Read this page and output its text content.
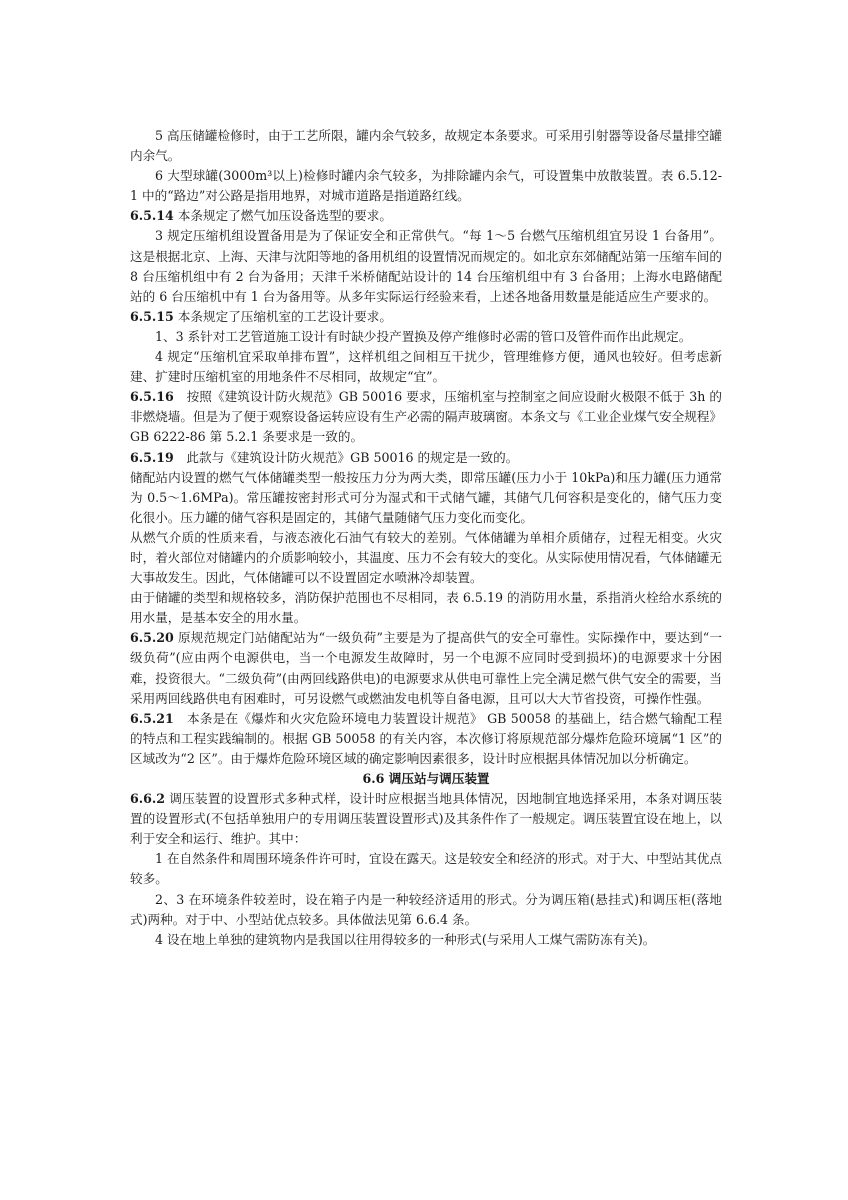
5 高压储罐检修时，由于工艺所限，罐内余气较多，故规定本条要求。可采用引射器等设备尽量排空罐内余气。

6 大型球罐(3000m³以上)检修时罐内余气较多，为排除罐内余气，可设置集中放散装置。表 6.5.12-1 中的“路边”对公路是指用地界，对城市道路是指道路红线。

6.5.14 本条规定了燃气加压设备选型的要求。

3 规定压缩机组设置备用是为了保证安全和正常供气。“每 1～5 台燃气压缩机组宜另设 1 台备用”。这是根据北京、上海、天津与沈阳等地的备用机组的设置情况而规定的。如北京东郊储配站第一压缩车间的 8 台压缩机组中有 2 台为备用；天津千米桥储配站设计的 14 台压缩机组中有 3 台备用；上海水电路储配站的 6 台压缩机中有 1 台为备用等。从多年实际运行经验来看，上述各地备用数量是能适应生产要求的。

6.5.15 本条规定了压缩机室的工艺设计要求。

1、3 系针对工艺管道施工设计有时缺少投产置换及停产维修时必需的管口及管件而作出此规定。

4 规定“压缩机宜采取单排布置”，这样机组之间相互干扰少，管理维修方便，通风也较好。但考虑新建、扩建时压缩机室的用地条件不尽相同，故规定“宜”。

6.5.16　按照《建筑设计防火规范》GB 50016 要求，压缩机室与控制室之间应设耐火极限不低于 3h 的非燃烧墙。但是为了便于观察设备运转应设有生产必需的隔声玻璃窗。本条文与《工业企业煤气安全规程》GB 6222-86 第 5.2.1 条要求是一致的。

6.5.19　此款与《建筑设计防火规范》GB 50016 的规定是一致的。

储配站内设置的燃气气体储罐类型一般按压力分为两大类，即常压罐(压力小于 10kPa)和压力罐(压力通常为 0.5～1.6MPa)。常压罐按密封形式可分为湿式和干式储气罐，其储气几何容积是变化的，储气压力变化很小。压力罐的储气容积是固定的，其储气量随储气压力变化而变化。

从燃气介质的性质来看，与液态液化石油气有较大的差别。气体储罐为单相介质储存，过程无相变。火灾时，着火部位对储罐内的介质影响较小，其温度、压力不会有较大的变化。从实际使用情况看，气体储罐无大事故发生。因此，气体储罐可以不设置固定水喷淋冷却装置。

由于储罐的类型和规格较多，消防保护范围也不尽相同，表 6.5.19 的消防用水量，系指消火栓给水系统的用水量，是基本安全的用水量。

6.5.20 原规范规定门站储配站为“一级负荷”主要是为了提高供气的安全可靠性。实际操作中，要达到“一级负荷”(应由两个电源供电，当一个电源发生故障时，另一个电源不应同时受到损坏)的电源要求十分困难，投资很大。“二级负荷”(由两回线路供电)的电源要求从供电可靠性上完全满足燃气供气安全的需要，当采用两回线路供电有困难时，可另设燃气或燃油发电机等自备电源，且可以大大节省投资，可操作性强。

6.5.21　本条是在《爆炸和火灾危险环境电力装置设计规范》 GB 50058 的基础上，结合燃气输配工程的特点和工程实践编制的。根据 GB 50058 的有关内容，本次修订将原规范部分爆炸危险环境属“1 区”的区域改为“2 区”。由于爆炸危险环境区域的确定影响因素很多，设计时应根据具体情况加以分析确定。

6.6 调压站与调压装置

6.6.2 调压装置的设置形式多种式样，设计时应根据当地具体情况，因地制宜地选择采用，本条对调压装置的设置形式(不包括单独用户的专用调压装置设置形式)及其条件作了一般规定。调压装置宜设在地上，以利于安全和运行、维护。其中：

1 在自然条件和周围环境条件许可时，宜设在露天。这是较安全和经济的形式。对于大、中型站其优点较多。

2、3 在环境条件较差时，设在箱子内是一种较经济适用的形式。分为调压箱(悬挂式)和调压柜(落地式)两种。对于中、小型站优点较多。具体做法见第 6.6.4 条。

4 设在地上单独的建筑物内是我国以往用得较多的一种形式(与采用人工煤气需防冻有关)。
